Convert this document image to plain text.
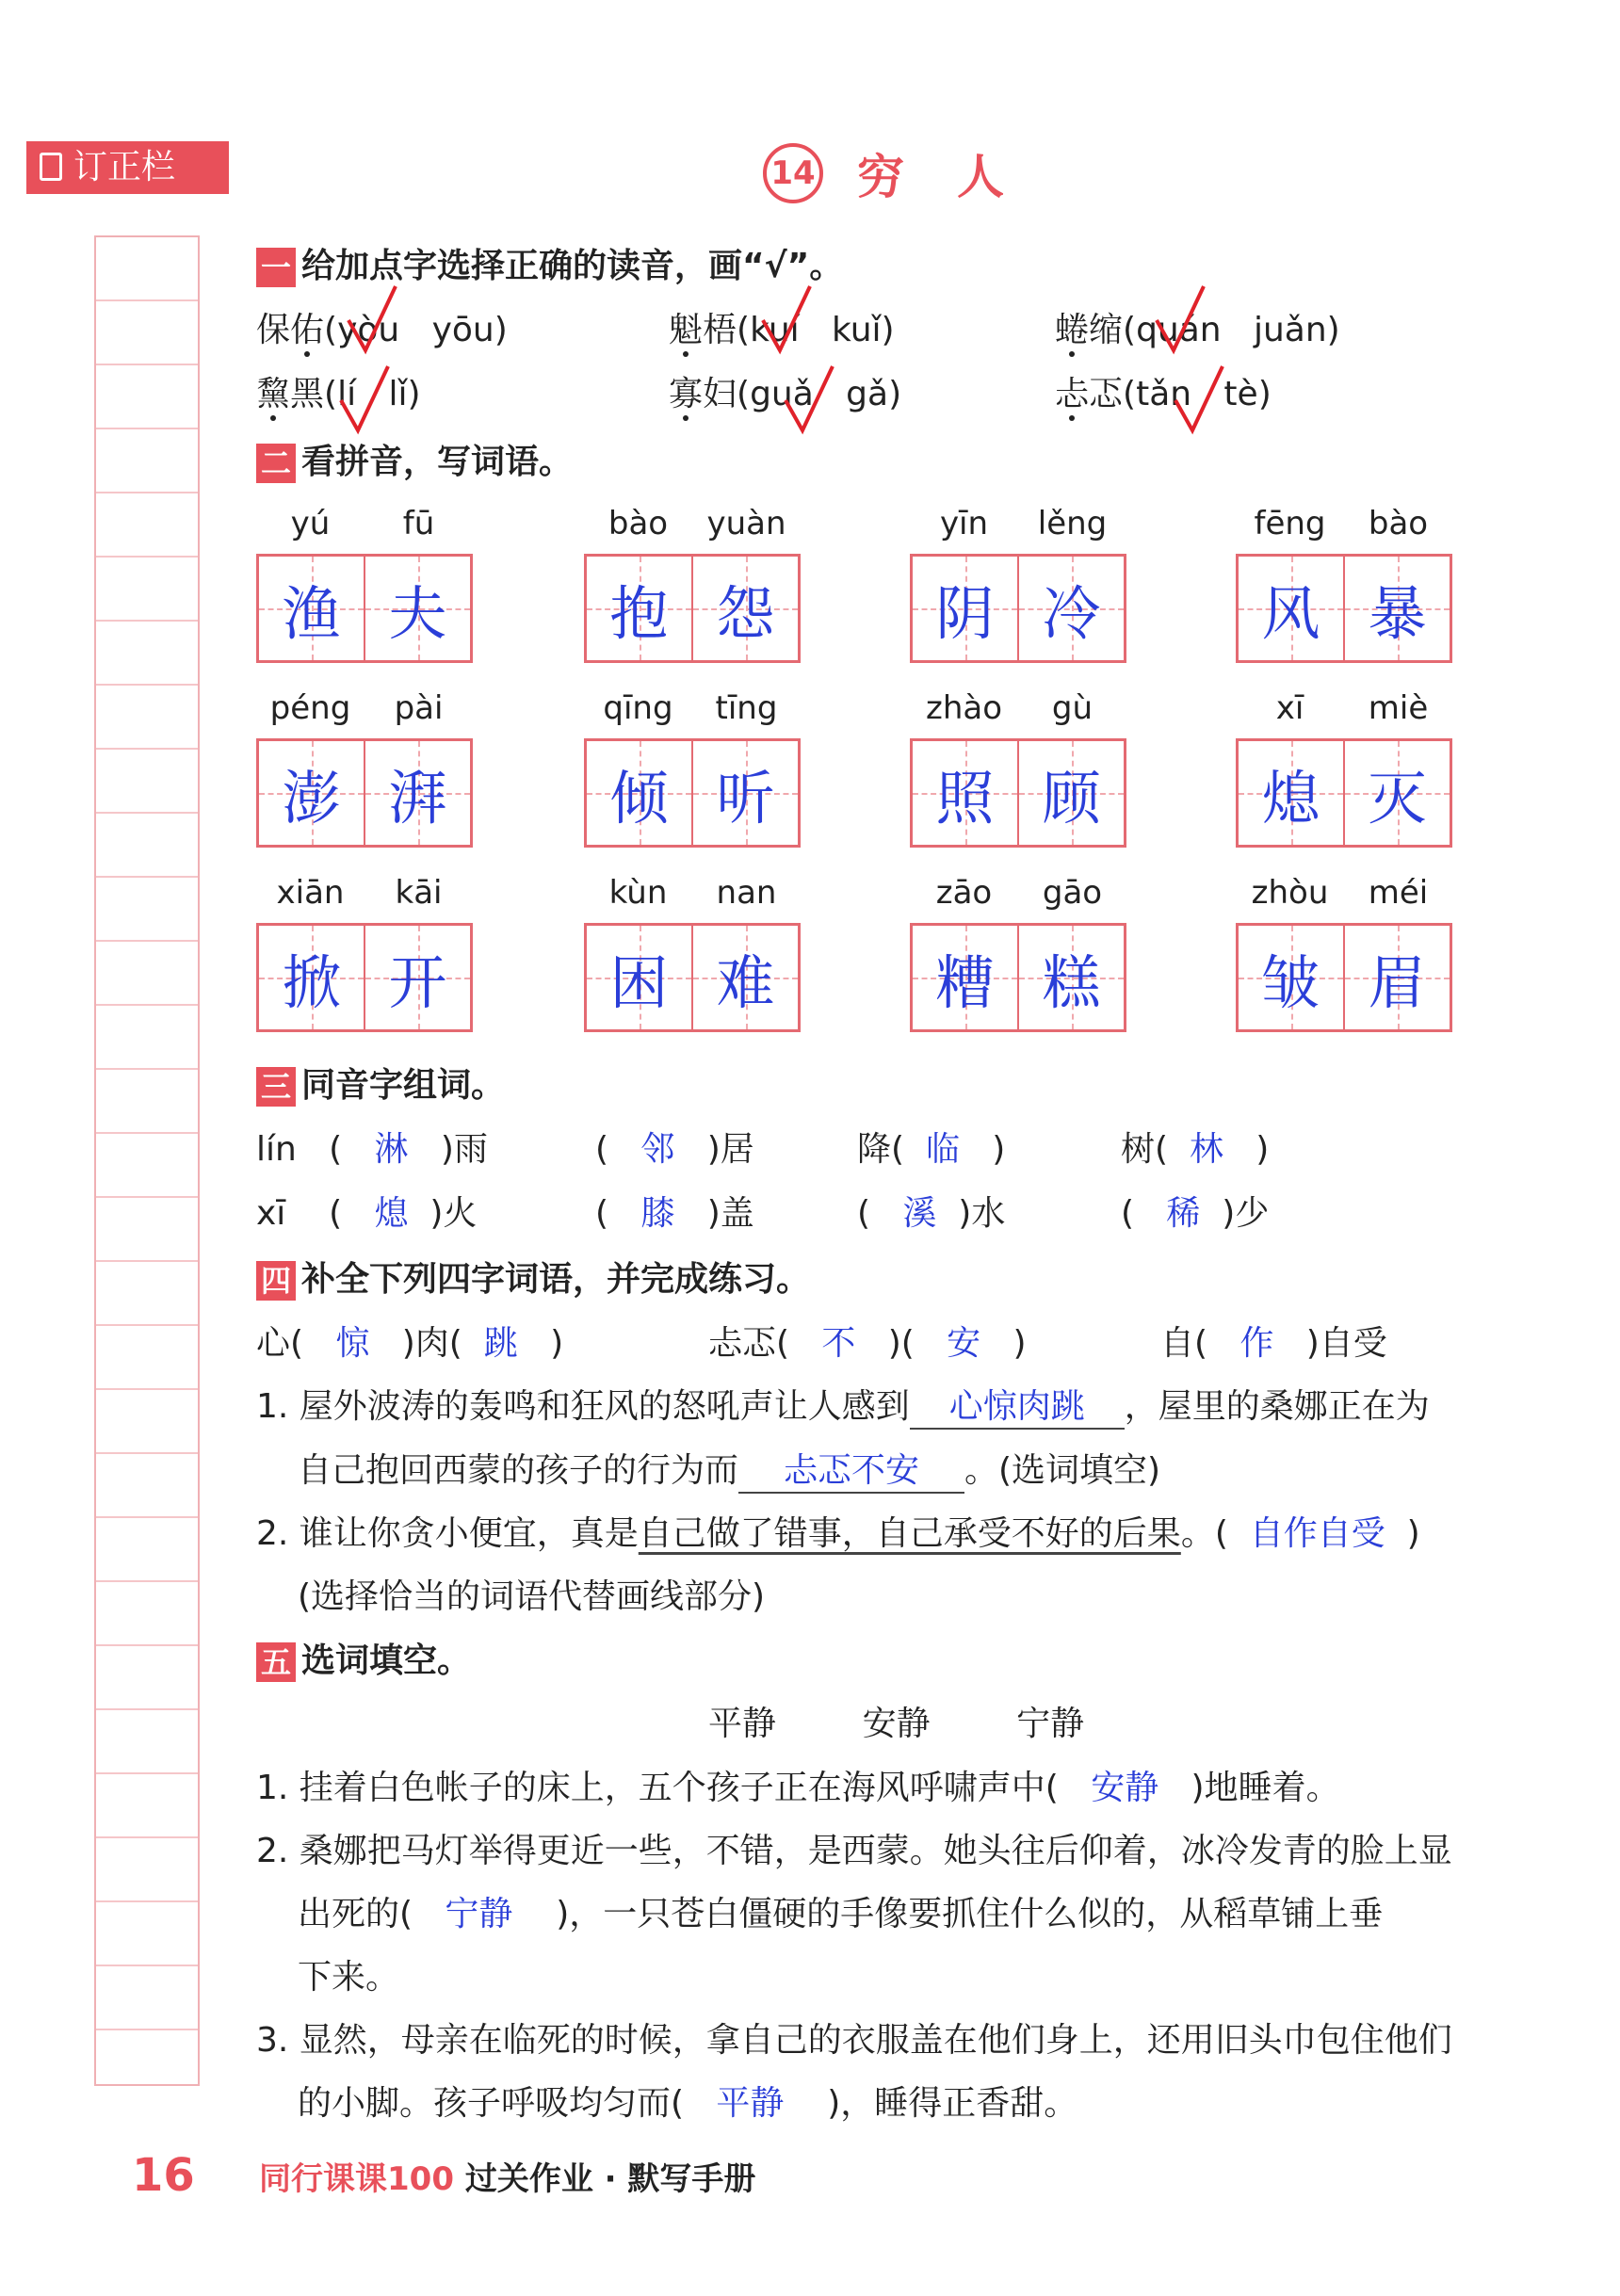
订正栏	14 穷人
一 给加点字选择正确的读音，画“√”。
保佑(yòu yōu)	魁梧(kuí kuǐ)	蜷缩(quán juǎn)
黧黑(lí lǐ)	寡妇(guǎ gǎ)	忐忑(tǎn tè)
二 看拼音，写词语。
yú	fū
渔 夫
bào	yuàn
抱 怨
yīn	lěng
阴 冷
fēng	bào
风 暴
péng	pài
澎 湃
qīng	tīng
倾 听
zhào	gù
照 顾
xī	miè
熄 灭
xiān	kāi
掀 开
kùn	nan
困 难
zāo	gāo
糟 糕
zhòu	méi
皱 眉
三 同音字组词。
lín   (   淋   )雨	(   邻   )居	降(  临   )	树(  林   )
xī    (   熄  )火	(   膝   )盖	(   溪  )水	(   稀  )少
四 补全下列四字词语，并完成练习。
心(   惊   )肉(  跳   )	忐忑(   不   )(   安   )	自(   作   )自受
1. 屋外波涛的轰鸣和狂风的怒吼声让人感到 心惊肉跳 ，屋里的桑娜正在为
自己抱回西蒙的孩子的行为而 忐忑不安 。(选词填空)
2. 谁让你贪小便宜，真是自己做了错事，自己承受不好的后果。( 自作自受 )
(选择恰当的词语代替画线部分)
五 选词填空。
平静	安静	宁静
1. 挂着白色帐子的床上，五个孩子正在海风呼啸声中( 安静 )地睡着。
2. 桑娜把马灯举得更近一些，不错，是西蒙。她头往后仰着，冰冷发青的脸上显
出死的( 宁静 )，一只苍白僵硬的手像要抓住什么似的，从稻草铺上垂
下来。
3. 显然，母亲在临死的时候，拿自己的衣服盖在他们身上，还用旧头巾包住他们
的小脚。孩子呼吸均匀而( 平静 )，睡得正香甜。
16 同行课课100 过关作业 · 默写手册
